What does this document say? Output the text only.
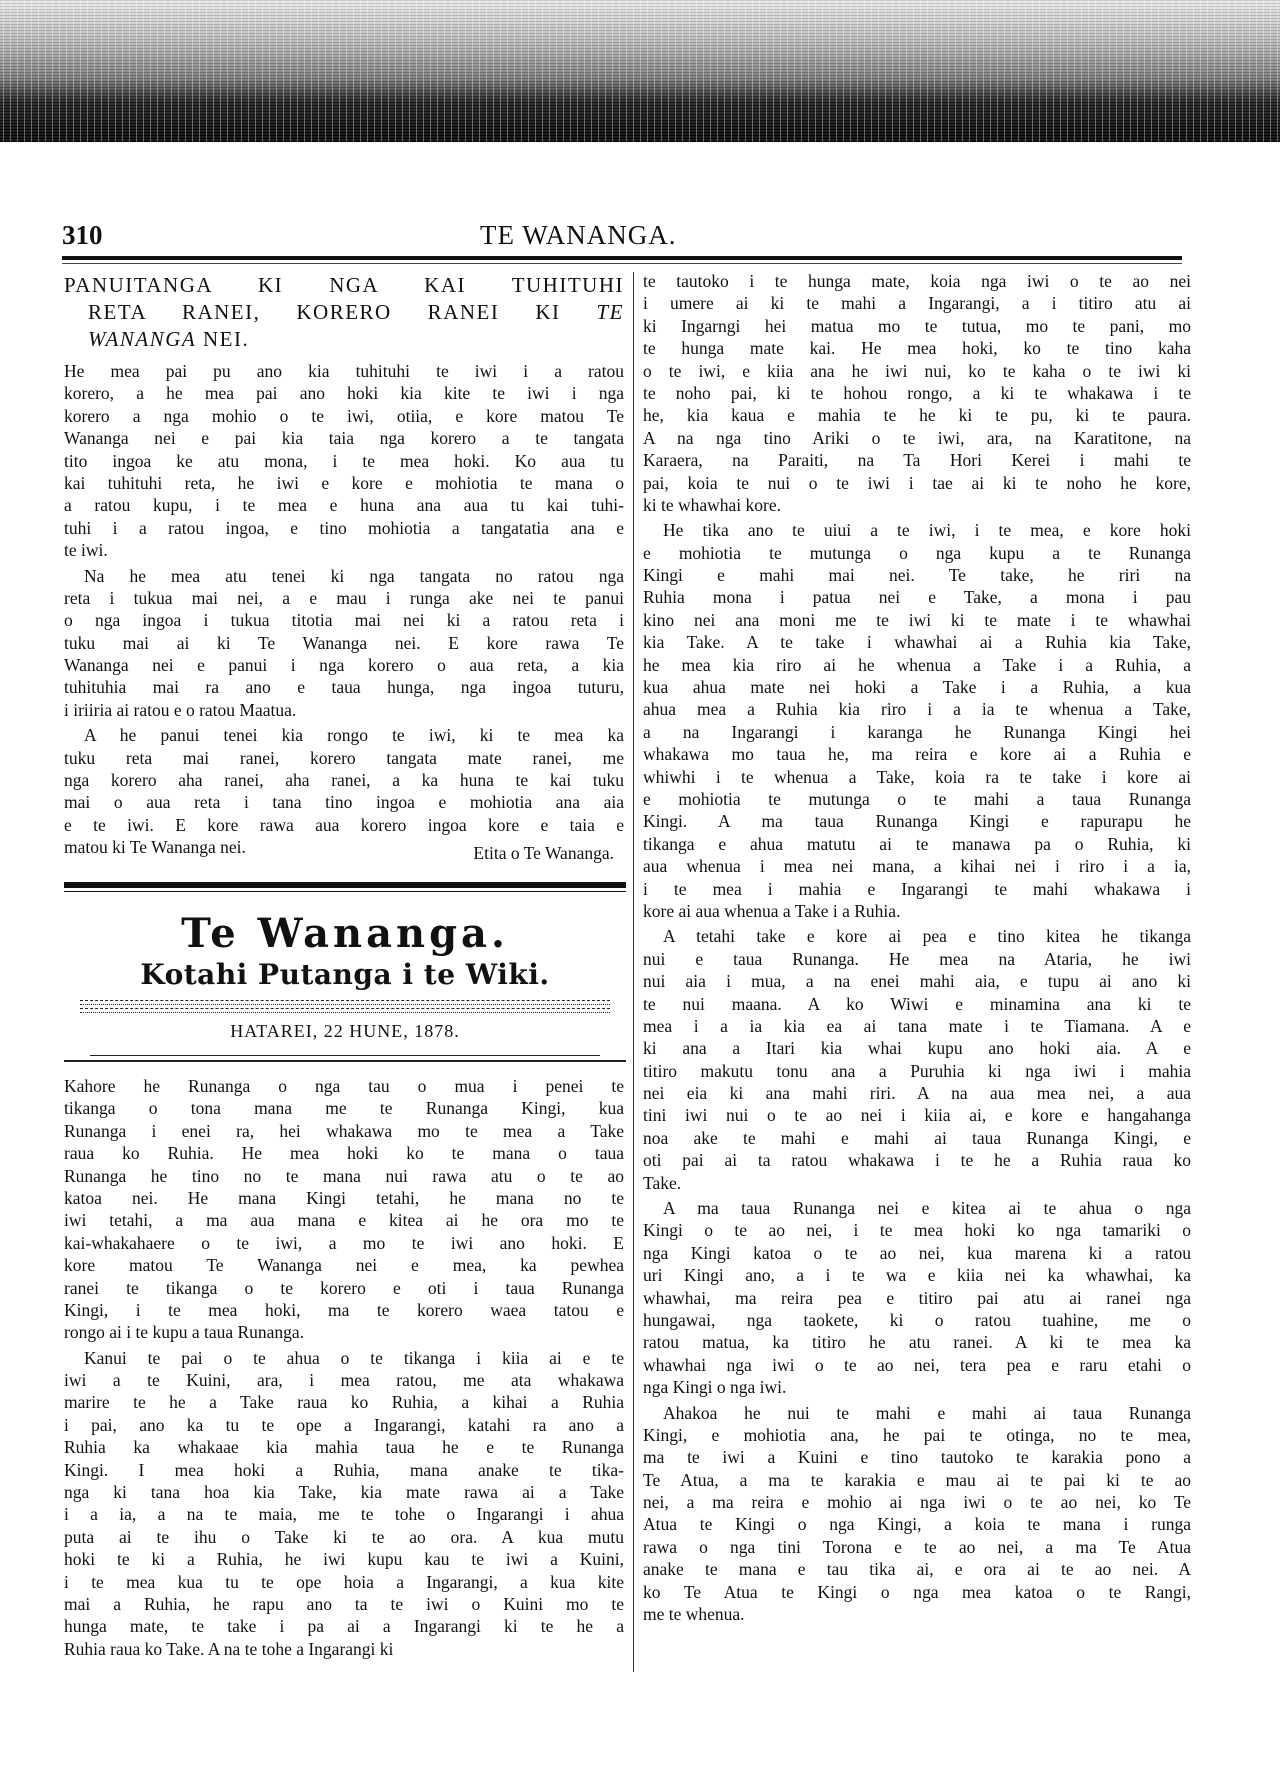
310	TE WANANGA.
PANUITANGA KI NGA KAI TUHITUHI
RETA RANEI, KORERO RANEI KI TE
WANANGA NEI.
He mea pai pu ano kia tuhituhi te iwi i a ratou
korero, a he mea pai ano hoki kia kite te iwi i nga
korero a nga mohio o te iwi, otiia, e kore matou Te
Wananga nei e pai kia taia nga korero a te tangata
tito ingoa ke atu mona, i te mea hoki. Ko aua tu
kai tuhituhi reta, he iwi e kore e mohiotia te mana o
a ratou kupu, i te mea e huna ana aua tu kai tuhi-
tuhi i a ratou ingoa, e tino mohiotia a tangatatia ana e
te iwi.
Na he mea atu tenei ki nga tangata no ratou nga
reta i tukua mai nei, a e mau i runga ake nei te panui
o nga ingoa i tukua titotia mai nei ki a ratou reta i
tuku mai ai ki Te Wananga nei. E kore rawa Te
Wananga nei e panui i nga korero o aua reta, a kia
tuhituhia mai ra ano e taua hunga, nga ingoa tuturu,
i iriiria ai ratou e o ratou Maatua.
A he panui tenei kia rongo te iwi, ki te mea ka
tuku reta mai ranei, korero tangata mate ranei, me
nga korero aha ranei, aha ranei, a ka huna te kai tuku
mai o aua reta i tana tino ingoa e mohiotia ana aia
e te iwi. E kore rawa aua korero ingoa kore e taia e
matou ki Te Wananga nei.	Etita o Te Wananga.
Te Wananga.
Kotahi Putanga i te Wiki.
HATAREI, 22 HUNE, 1878.
Kahore he Runanga o nga tau o mua i penei te
tikanga o tona mana me te Runanga Kingi, kua
Runanga i enei ra, hei whakawa mo te mea a Take
raua ko Ruhia. He mea hoki ko te mana o taua
Runanga he tino no te mana nui rawa atu o te ao
katoa nei. He mana Kingi tetahi, he mana no te
iwi tetahi, a ma aua mana e kitea ai he ora mo te
kai-whakahaere o te iwi, a mo te iwi ano hoki. E
kore matou Te Wananga nei e mea, ka pewhea
ranei te tikanga o te korero e oti i taua Runanga
Kingi, i te mea hoki, ma te korero waea tatou e
rongo ai i te kupu a taua Runanga.
Kanui te pai o te ahua o te tikanga i kiia ai e te
iwi a te Kuini, ara, i mea ratou, me ata whakawa
marire te he a Take raua ko Ruhia, a kihai a Ruhia
i pai, ano ka tu te ope a Ingarangi, katahi ra ano a
Ruhia ka whakaae kia mahia taua he e te Runanga
Kingi. I mea hoki a Ruhia, mana anake te tika-
nga ki tana hoa kia Take, kia mate rawa ai a Take
i a ia, a na te maia, me te tohe o Ingarangi i ahua
puta ai te ihu o Take ki te ao ora. A kua mutu
hoki te ki a Ruhia, he iwi kupu kau te iwi a Kuini,
i te mea kua tu te ope hoia a Ingarangi, a kua kite
mai a Ruhia, he rapu ano ta te iwi o Kuini mo te
hunga mate, te take i pa ai a Ingarangi ki te he a
Ruhia raua ko Take. A na te tohe a Ingarangi ki
te tautoko i te hunga mate, koia nga iwi o te ao nei
i umere ai ki te mahi a Ingarangi, a i titiro atu ai
ki Ingarngi hei matua mo te tutua, mo te pani, mo
te hunga mate kai. He mea hoki, ko te tino kaha
o te iwi, e kiia ana he iwi nui, ko te kaha o te iwi ki
te noho pai, ki te hohou rongo, a ki te whakawa i te
he, kia kaua e mahia te he ki te pu, ki te paura.
A na nga tino Ariki o te iwi, ara, na Karatitone, na
Karaera, na Paraiti, na Ta Hori Kerei i mahi te
pai, koia te nui o te iwi i tae ai ki te noho he kore,
ki te whawhai kore.
He tika ano te uiui a te iwi, i te mea, e kore hoki
e mohiotia te mutunga o nga kupu a te Runanga
Kingi e mahi mai nei. Te take, he riri na
Ruhia mona i patua nei e Take, a mona i pau
kino nei ana moni me te iwi ki te mate i te whawhai
kia Take. A te take i whawhai ai a Ruhia kia Take,
he mea kia riro ai he whenua a Take i a Ruhia, a
kua ahua mate nei hoki a Take i a Ruhia, a kua
ahua mea a Ruhia kia riro i a ia te whenua a Take,
a na Ingarangi i karanga he Runanga Kingi hei
whakawa mo taua he, ma reira e kore ai a Ruhia e
whiwhi i te whenua a Take, koia ra te take i kore ai
e mohiotia te mutunga o te mahi a taua Runanga
Kingi. A ma taua Runanga Kingi e rapurapu he
tikanga e ahua matutu ai te manawa pa o Ruhia, ki
aua whenua i mea nei mana, a kihai nei i riro i a ia,
i te mea i mahia e Ingarangi te mahi whakawa i
kore ai aua whenua a Take i a Ruhia.
A tetahi take e kore ai pea e tino kitea he tikanga
nui e taua Runanga. He mea na Ataria, he iwi
nui aia i mua, a na enei mahi aia, e tupu ai ano ki
te nui maana. A ko Wiwi e minamina ana ki te
mea i a ia kia ea ai tana mate i te Tiamana. A e
ki ana a Itari kia whai kupu ano hoki aia. A e
titiro makutu tonu ana a Puruhia ki nga iwi i mahia
nei eia ki ana mahi riri. A na aua mea nei, a aua
tini iwi nui o te ao nei i kiia ai, e kore e hangahanga
noa ake te mahi e mahi ai taua Runanga Kingi, e
oti pai ai ta ratou whakawa i te he a Ruhia raua ko
Take.
A ma taua Runanga nei e kitea ai te ahua o nga
Kingi o te ao nei, i te mea hoki ko nga tamariki o
nga Kingi katoa o te ao nei, kua marena ki a ratou
uri Kingi ano, a i te wa e kiia nei ka whawhai, ka
whawhai, ma reira pea e titiro pai atu ai ranei nga
hungawai, nga taokete, ki o ratou tuahine, me o
ratou matua, ka titiro he atu ranei. A ki te mea ka
whawhai nga iwi o te ao nei, tera pea e raru etahi o
nga Kingi o nga iwi.
Ahakoa he nui te mahi e mahi ai taua Runanga
Kingi, e mohiotia ana, he pai te otinga, no te mea,
ma te iwi a Kuini e tino tautoko te karakia pono a
Te Atua, a ma te karakia e mau ai te pai ki te ao
nei, a ma reira e mohio ai nga iwi o te ao nei, ko Te
Atua te Kingi o nga Kingi, a koia te mana i runga
rawa o nga tini Torona e te ao nei, a ma Te Atua
anake te mana e tau tika ai, e ora ai te ao nei. A
ko Te Atua te Kingi o nga mea katoa o te Rangi,
me te whenua.
